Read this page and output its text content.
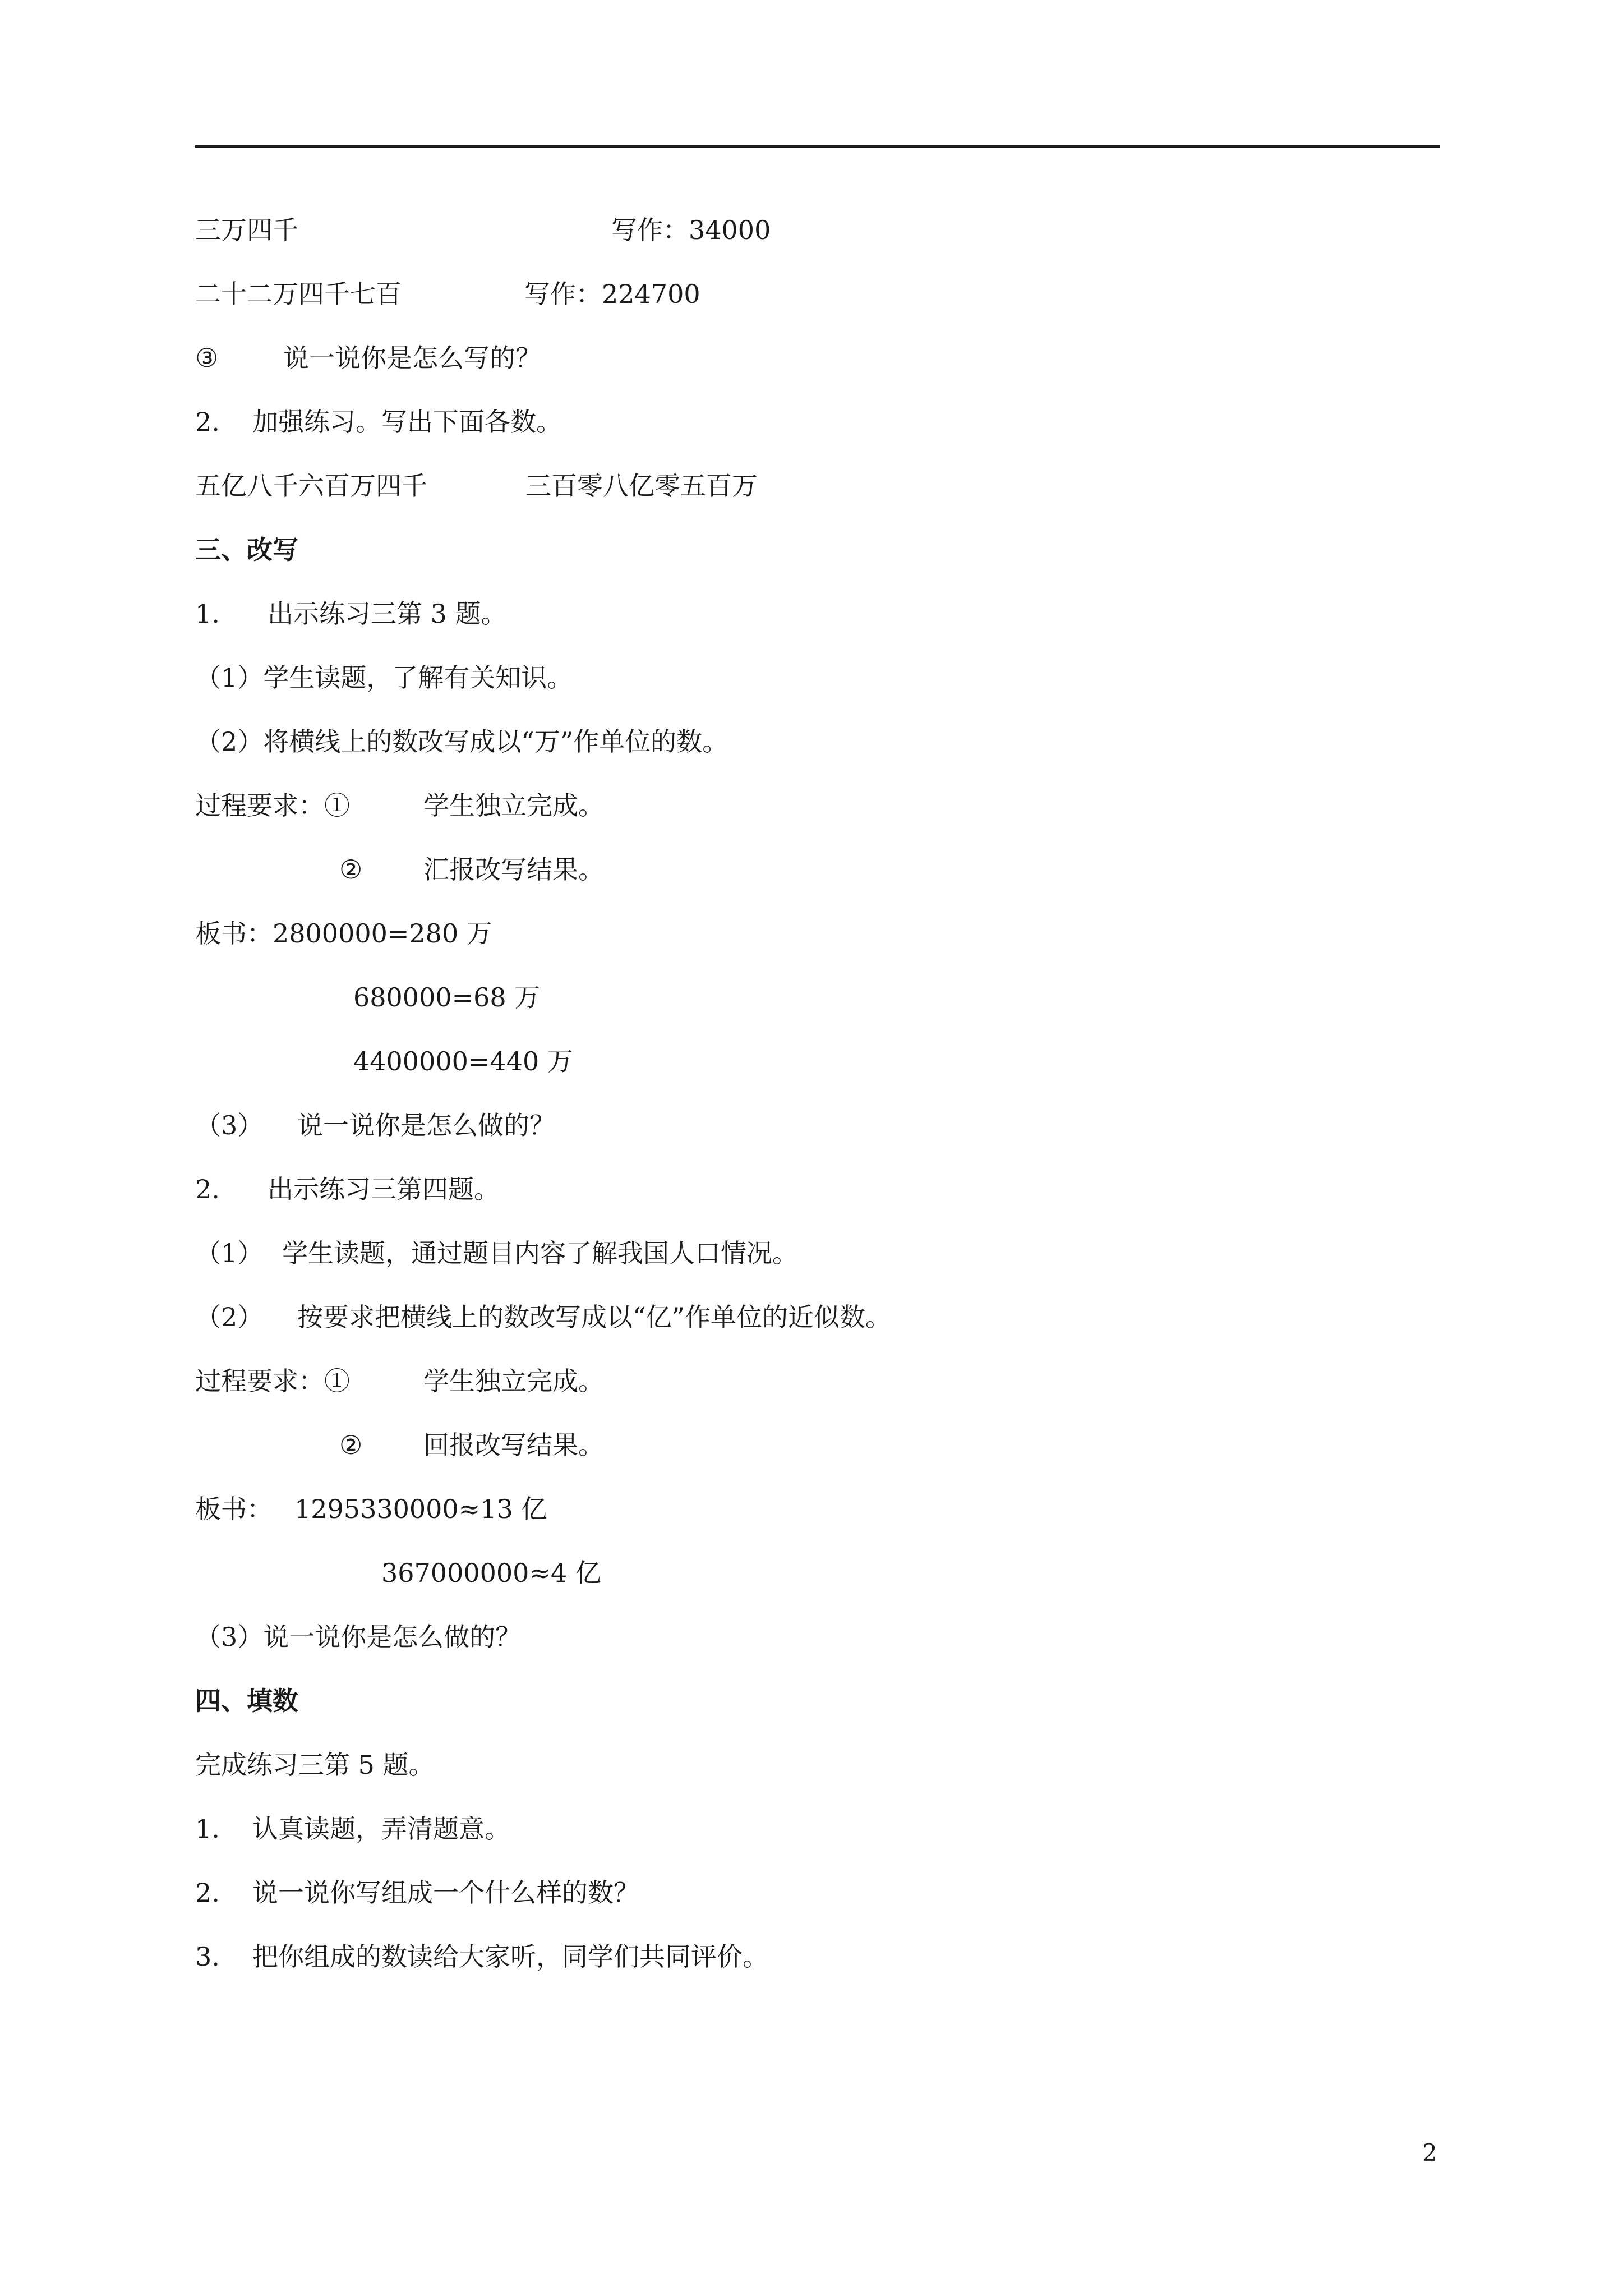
三万四千	写作：34000
二十二万四千七百	写作：224700
③	说一说你是怎么写的？
2. 加强练习。写出下面各数。
五亿八千六百万四千	三百零八亿零五百万
三、改写
1. 出示练习三第 3 题。
（1）学生读题，了解有关知识。
（2）将横线上的数改写成以“万”作单位的数。
过程要求：①	学生独立完成。
② 汇报改写结果。
板书：2800000=280 万
680000=68 万
4400000=440 万
（3） 说一说你是怎么做的？
2. 出示练习三第四题。
（1） 学生读题，通过题目内容了解我国人口情况。
（2） 按要求把横线上的数改写成以“亿”作单位的近似数。
过程要求：①	学生独立完成。
② 回报改写结果。
板书： 1295330000≈13 亿
367000000≈4 亿
（3）说一说你是怎么做的？
四、填数
完成练习三第 5 题。
1. 认真读题，弄清题意。
2. 说一说你写组成一个什么样的数？
3. 把你组成的数读给大家听，同学们共同评价。
2
